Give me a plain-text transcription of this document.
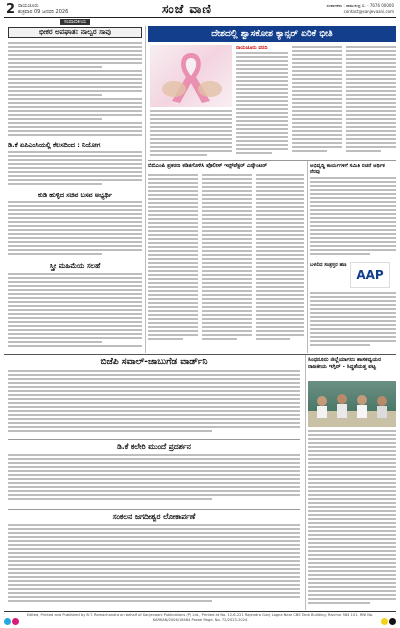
2 ರಾಯಚೂರು
ಶುಕ್ರವಾರ 09 ಜನವರಿ 2026	ಸಂಜೆ ವಾಣಿ	ಸಂಪಾದಕರು : ರಾಮಚಂದ್ರ ಬಿ. - 7676 00000
contact@sanjevaani.com
ಸಂಪಾದಕೀಯ
ಭೀಕರ ಅಪಘಾತ: ನಾಲ್ವರ ಸಾವು
ಡಿ.ಕೆ ಏಪಿಎಂಸಿಯಲ್ಲಿ ಕೆಲಸದಿಂದ : ನಿಯೋಗ
ಕುಡಿ ಹುಳ್ಳಿದ ಸಚಿವ ಬಸವ ಅಭ್ಯರ್ಥಿ
ಸ್ತ್ರೀ ಮಹಿಮೆಯ ಸಲಹೆ
ದೇಶದಲ್ಲಿ ಶ್ವಾಸಕೋಶ ಕ್ಯಾನ್ಸರ್ ಏರಿಕೆ ಭೀತಿ
ರಾಯಚೂರು ವರದಿ
ಬಿಬಿಎಂಪಿ ಪ್ರಕರಣ ಕಡಿತಗೊಳಿಸಿ ಪೊಲೀಸ್ ಇನ್ಸ್‌ಪೆಕ್ಟರ್ ಎನ್ಕೌಂಟರ್	ಅಭಿವೃದ್ಧಿ ಕಾರ್ಯಗಳಿಗೆ ಸಮಿತಿ ರಚನೆ ಆರ್ಥಿಕ ನೆರವು
AAP
ಬಳಲಿದ ಸಂತ್ರಸ್ತರ ಹಣ
ಬಿಜೆಪಿ ಸವಾಲ್-ಜಾಬುಗೆಡ ವಾರ್ಡ್‌ನಿ
ಡಿ.ಕೆ ಕಲೇರಿ ಮುಂದೆ ಪ್ರದರ್ಶನ
ಸಂಕಲನ ಜಗದೀಶ್ವರ ಲೋಕಾರ್ಪಣೆ
ಸಿಂಧನೂರು ಜಿಲ್ಲೆಯಾಗಲು ಶಾಸಕದ್ವಯರ ರಾಜಕೀಯ ಇಗ್ಗಿರ್ - ಸಿದ್ಧತೆಯತ್ತ ಪಟ್ಟ
Edited, Printed and Published by B.T. Ramachandra on behalf of Sanjevaani Publications (P) Ltd., Printed at No. 12-6-221 Rajendra Gunj Lagna Near CBS Tank Building, Raichur 584 101. RNI No. KARKAN/2006/18484 Postal Regd. No. 72/2023-2024
